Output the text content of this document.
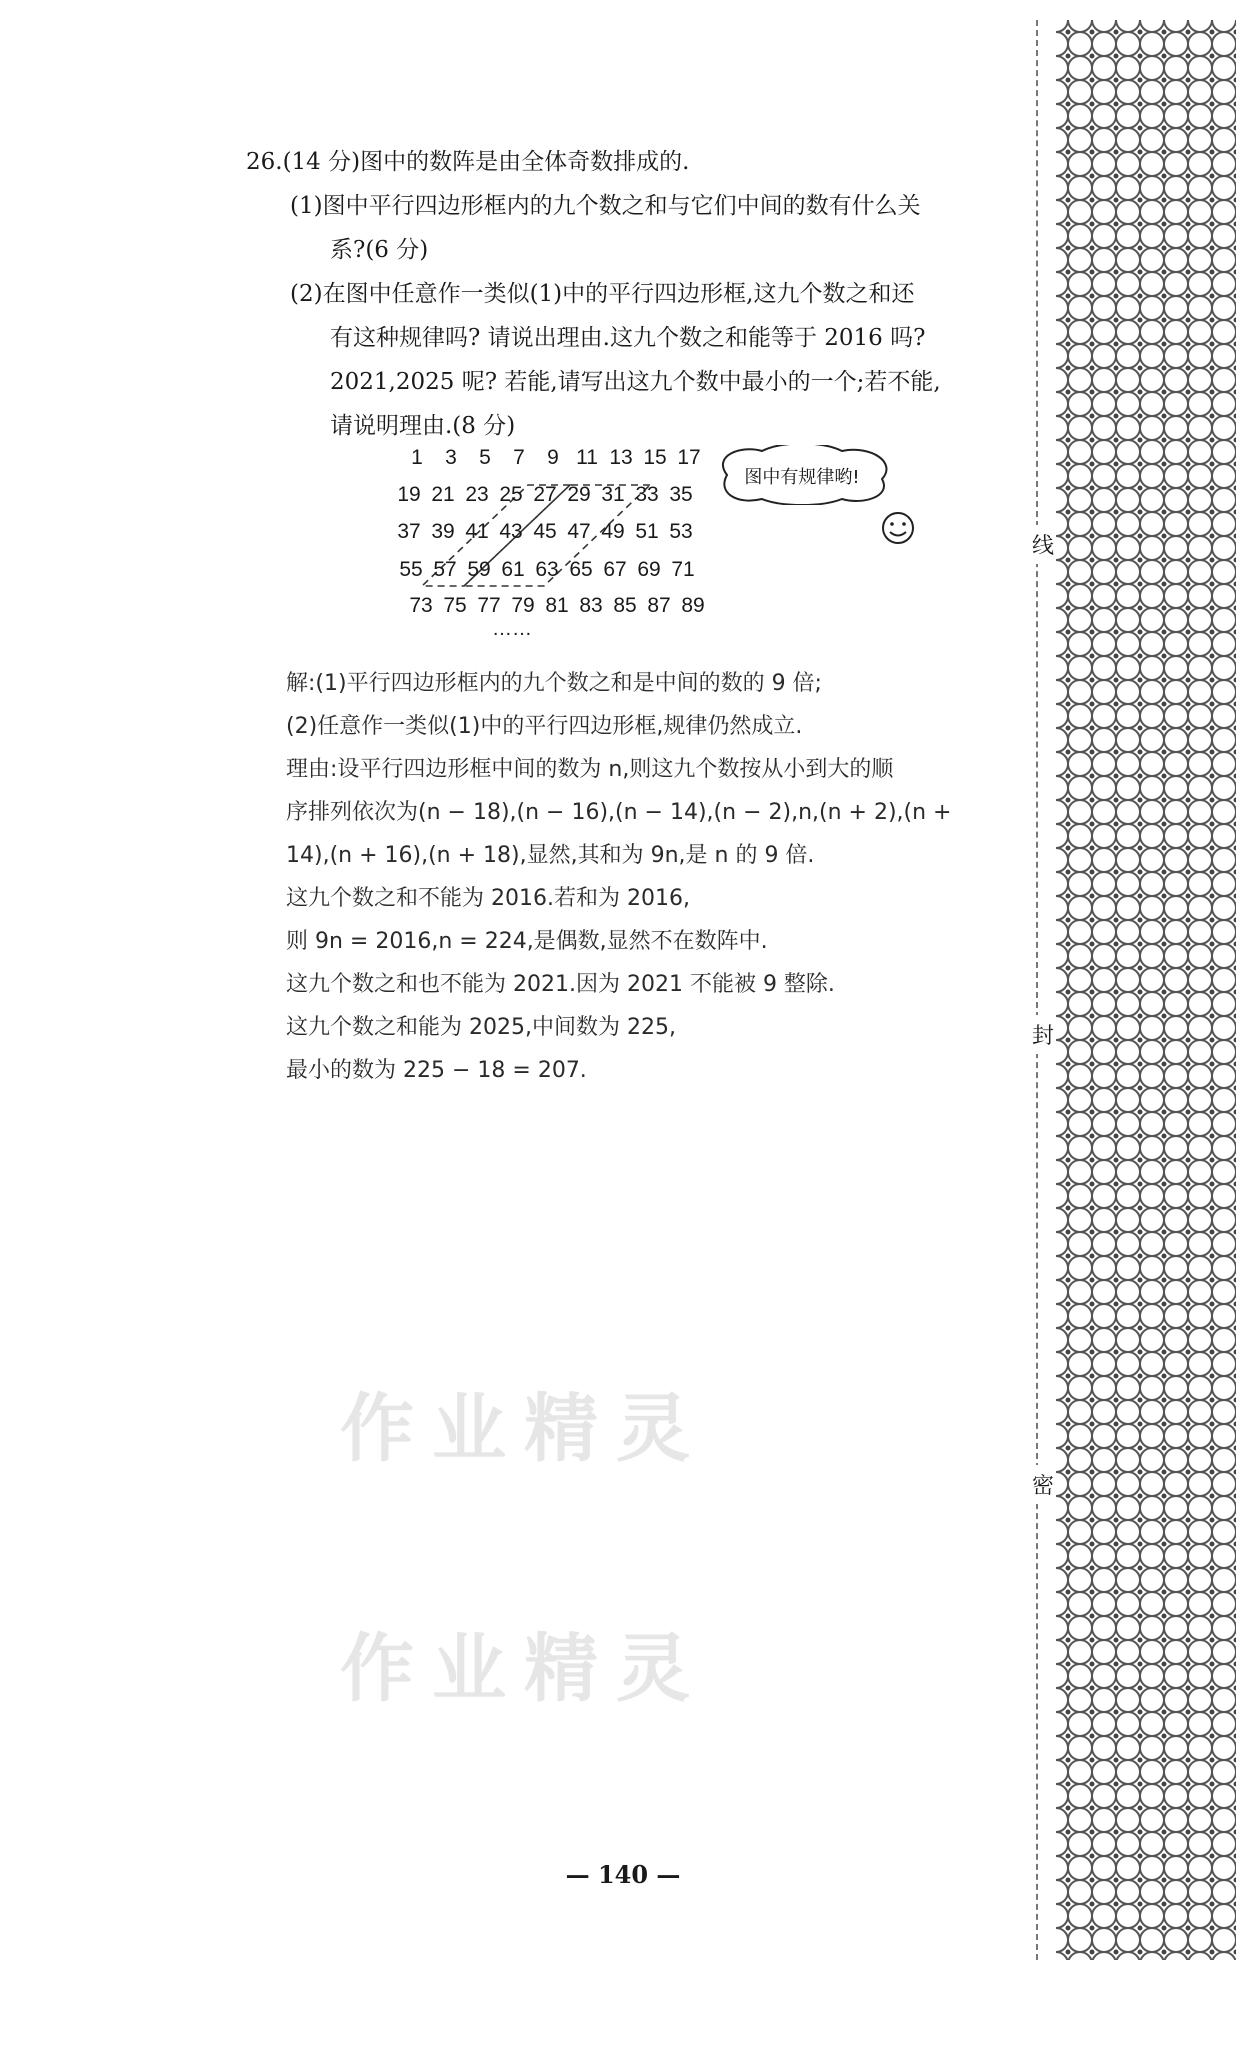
26.(14 分)图中的数阵是由全体奇数排成的.
(1)图中平行四边形框内的九个数之和与它们中间的数有什么关
系?(6 分)
(2)在图中任意作一类似(1)中的平行四边形框,这九个数之和还
有这种规律吗? 请说出理由.这九个数之和能等于 2016 吗?
2021,2025 呢? 若能,请写出这九个数中最小的一个;若不能,
请说明理由.(8 分)
……
1	3	5	7	9 11 13 15 17
19 21 23 25 27 29 31 33 35
37 39 41 43 45 47 49 51 53
55 57 59 61 63 65 67 69 71
73 75 77 79 81 83 85 87 89
图中有规律哟!
解:(1)平行四边形框内的九个数之和是中间的数的 9 倍;
(2)任意作一类似(1)中的平行四边形框,规律仍然成立.
理由:设平行四边形框中间的数为 n,则这九个数按从小到大的顺
序排列依次为(n − 18),(n − 16),(n − 14),(n − 2),n,(n + 2),(n +
14),(n + 16),(n + 18),显然,其和为 9n,是 n 的 9 倍.
这九个数之和不能为 2016.若和为 2016,
则 9n = 2016,n = 224,是偶数,显然不在数阵中.
这九个数之和也不能为 2021.因为 2021 不能被 9 整除.
这九个数之和能为 2025,中间数为 225,
最小的数为 225 − 18 = 207.
作业精灵
作业精灵
— 140 —
线
封
密
